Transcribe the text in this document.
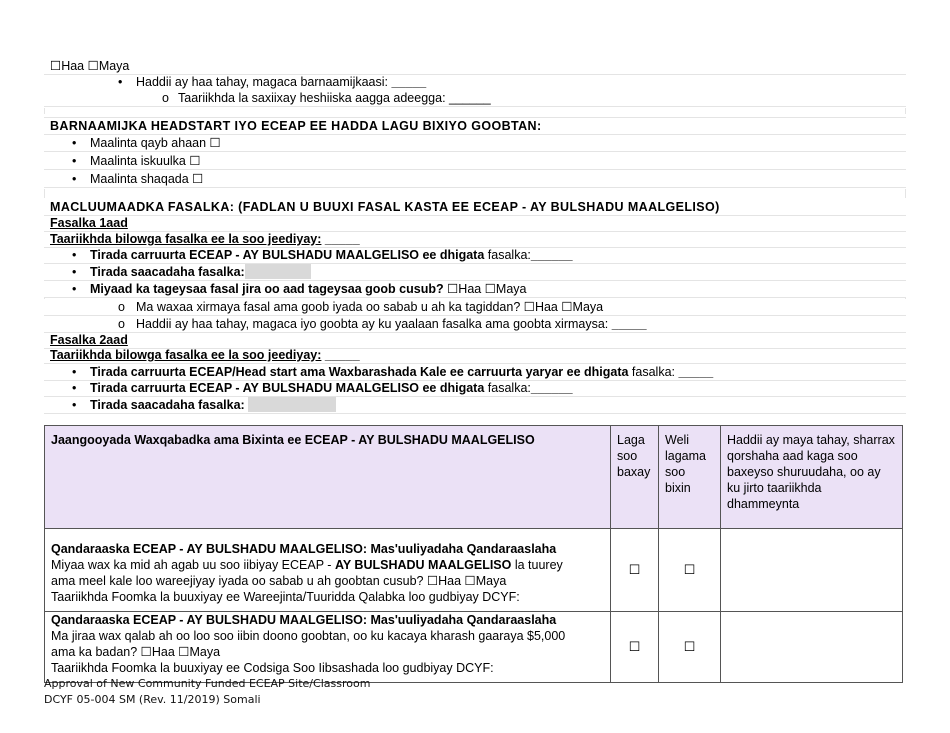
☐Haa ☐Maya
• Haddii ay haa tahay, magaca barnaamijkaasi: _____
o Taariikhda la saxiixay heshiiska aagga adeegga: ______
BARNAAMIJKA HEADSTART IYO ECEAP EE HADDA LAGU BIXIYO GOOBTAN:
• Maalinta qayb ahaan ☐
• Maalinta iskuulka ☐
• Maalinta shaqada ☐
MACLUUMAADKA FASALKA: (FADLAN U BUUXI FASAL KASTA EE ECEAP - AY BULSHADU MAALGELISO)
Fasalka 1aad
Taariikhda bilowga fasalka ee la soo jeediyay: _____
• Tirada carruurta ECEAP - AY BULSHADU MAALGELISO ee dhigata fasalka:______
• Tirada saacadaha fasalka:
• Miyaad ka tageysaa fasal jira oo aad tageysaa goob cusub? ☐Haa ☐Maya
o Ma waxaa xirmaya fasal ama goob iyada oo sabab u ah ka tagiddan? ☐Haa ☐Maya
o Haddii ay haa tahay, magaca iyo goobta ay ku yaalaan fasalka ama goobta xirmaysa: _____
Fasalka 2aad
Taariikhda bilowga fasalka ee la soo jeediyay: _____
• Tirada carruurta ECEAP/Head start ama Waxbarashada Kale ee carruurta yaryar ee dhigata fasalka: _____
• Tirada carruurta ECEAP - AY BULSHADU MAALGELISO ee dhigata fasalka:______
• Tirada saacadaha fasalka:
Jaangooyada Waxqabadka ama Bixinta ee ECEAP - AY BULSHADU MAALGELISO	Laga soo baxay	Weli lagama soo bixin	Haddii ay maya tahay, sharrax qorshaha aad kaga soo baxeyso shuruudaha, oo ay ku jirto taariikhda dhammeynta

Qandaraaska ECEAP - AY BULSHADU MAALGELISO: Mas'uuliyadaha Qandaraaslaha
Miyaa wax ka mid ah agab uu soo iibiyay ECEAP - AY BULSHADU MAALGELISO la tuurey
ama meel kale loo wareejiyay iyada oo sabab u ah goobtan cusub? ☐Haa ☐Maya
Taariikhda Foomka la buuxiyay ee Wareejinta/Tuuridda Qalabka loo gudbiyay DCYF:	☐	☐	

Qandaraaska ECEAP - AY BULSHADU MAALGELISO: Mas'uuliyadaha Qandaraaslaha
Ma jiraa wax qalab ah oo loo soo iibin doono goobtan, oo ku kacaya kharash gaaraya $5,000
ama ka badan? ☐Haa ☐Maya
Taariikhda Foomka la buuxiyay ee Codsiga Soo Iibsashada loo gudbiyay DCYF:	☐	☐	
Approval of New Community Funded ECEAP Site/Classroom
DCYF 05-004 SM (Rev. 11/2019) Somali
